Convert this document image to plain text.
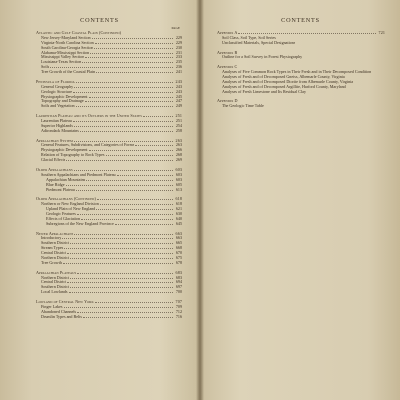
CONTENTS
PAGE
Atlantic and Gulf Coastal Plain (Continued)
New Jersey-Maryland Section	229
Virginia-North Carolina Section	229
South Carolina-Georgia Section	230
Alabama-Mississippi Section	231
Mississippi Valley Section	233
Louisiana-Texas Section	235
Soils	236
Tree Growth of the Coastal Plain	241
Peninsula of Florida	243
General Geography	243
Geologic Structure	243
Physiographic Development	245
Topography and Drainage	247
Soils and Vegetation	249
Laurentian Plateau and its Outliers in the United States	251
Laurentian Plateau	251
Superior Highlands	254
Adirondack Mountains	258
Appalachian System	263
General Features, Subdivisions, and Categories of Forms	263
Physiographic Development	266
Relation of Topography to Rock Types	268
Glacial Effects	269
Older Appalachians	603
Southern Appalachians and Piedmont Plateau	603
Appalachian Mountains	603
Blue Ridge	605
Piedmont Plateau	613
Older Appalachians (Continued)	618
Northern or New England Division	618
Upland Plain of New England	621
Geologic Features	630
Effects of Glaciation	640
Subregions of the New England Province	645
Newer Appalachians	663
Introductory	663
Southern District	665
Stream Types	668
Central District	670
Northern District	675
Tree Growth	678
Appalachian Plateaus	683
Northern District	683
Central District	694
Southern District	697
Local Lowlands	700
Lowland of Central New York	707
Finger Lakes	709
Abandoned Channels	712
Drumlin Types and Belts	716
CONTENTS
Appendix A	721
Soil Class, Soil Type, Soil Series
Unclassified Materials, Special Designations
Appendix B
Outline for a Soil Survey in Forest Physiography
Appendix C
Analyses of Five Common Rock Types in Their Fresh and in Their Decomposed Condition
Analyses of Fresh and of Decomposed Gneiss, Albemarle County, Virginia
Analyses of Fresh and of Decomposed Diorite from Albemarle County, Virginia
Analyses of Fresh and of Decomposed Argillite, Harford County, Maryland
Analyses of Fresh Limestone and Its Residual Clay
Appendix D
The Geologic Time Table
